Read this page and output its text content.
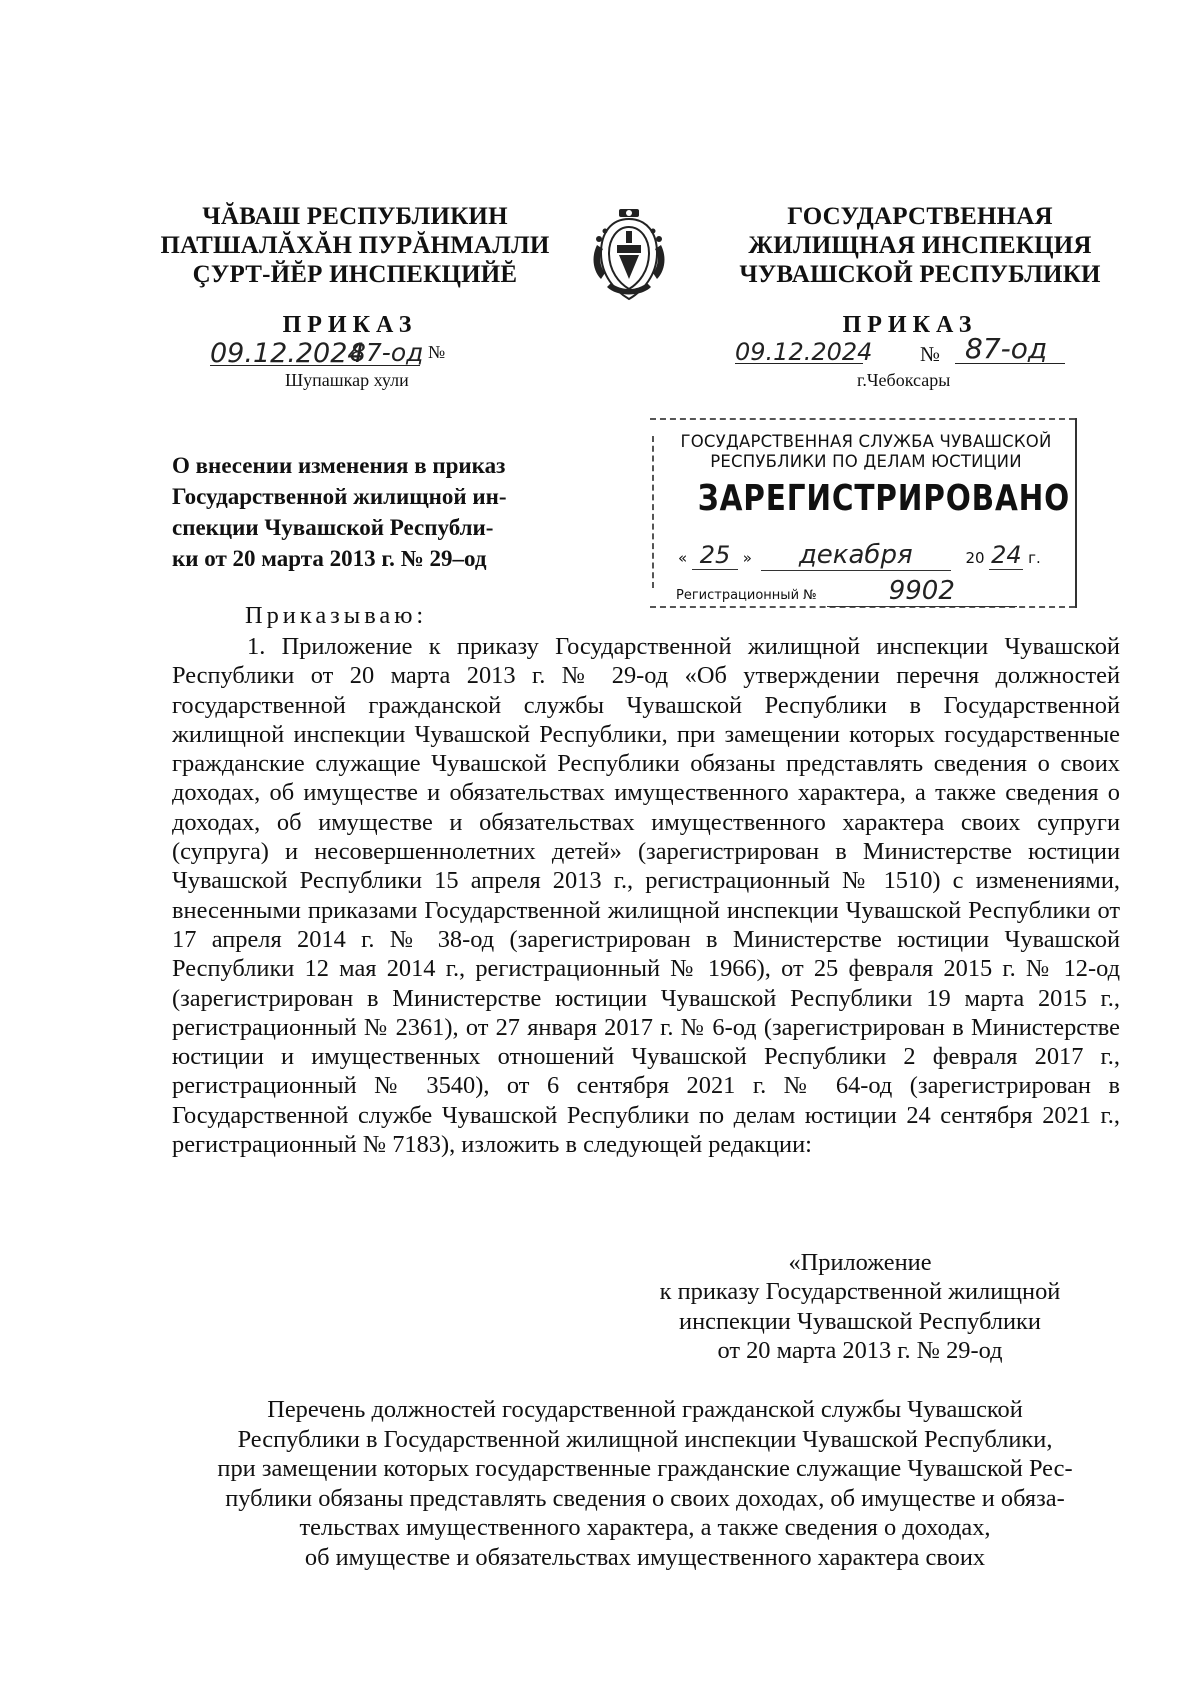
ЧĂВАШ РЕСПУБЛИКИН
ПАТШАЛĂХĂН ПУРĂНМАЛЛИ
ÇУРТ-ЙĔР ИНСПЕКЦИЙĔ
ПРИКАЗ
09.12.2024
87-од №
Шупашкар хули
ГОСУДАРСТВЕННАЯ
ЖИЛИЩНАЯ ИНСПЕКЦИЯ
ЧУВАШСКОЙ РЕСПУБЛИКИ
ПРИКАЗ
09.12.2024 № 87-од
г.Чебоксары
О внесении изменения в приказ
Государственной жилищной ин-
спекции Чувашской Республи-
ки от 20 марта 2013 г. № 29–од
ГОСУДАРСТВЕННАЯ СЛУЖБА ЧУВАШСКОЙ
РЕСПУБЛИКИ ПО ДЕЛАМ ЮСТИЦИИ
ЗАРЕГИСТРИРОВАНО
« 25 » декабря	20 24 г.
Регистрационный №	9902
Приказываю:

1. Приложение к приказу Государственной жилищной инспекции Чувашской Республики от 20 марта 2013 г. № 29-од «Об утверждении перечня должностей государственной гражданской службы Чувашской Республики в Государственной жилищной инспекции Чувашской Республики, при замещении которых государственные гражданские служащие Чувашской Республики обязаны представлять сведения о своих доходах, об имуществе и обязательствах имущественного характера, а также сведения о доходах, об имуществе и обязательствах имущественного характера своих супруги (супруга) и несовершеннолетних детей» (зарегистрирован в Министерстве юстиции Чувашской Республики 15 апреля 2013 г., регистрационный № 1510) с изменениями, внесенными приказами Государственной жилищной инспекции Чувашской Республики от 17 апреля 2014 г. № 38-од (зарегистрирован в Министерстве юстиции Чувашской Республики 12 мая 2014 г., регистрационный № 1966), от 25 февраля 2015 г. № 12-од (зарегистрирован в Министерстве юстиции Чувашской Республики 19 марта 2015 г., регистрационный № 2361), от 27 января 2017 г. № 6-од (зарегистрирован в Министерстве юстиции и имущественных отношений Чувашской Республики 2 февраля 2017 г., регистрационный № 3540), от 6 сентября 2021 г. № 64-од (зарегистрирован в Государственной службе Чувашской Республики по делам юстиции 24 сентября 2021 г., регистрационный № 7183), изложить в следующей редакции:

«Приложение
к приказу Государственной жилищной
инспекции Чувашской Республики
от 20 марта 2013 г. № 29-од
Перечень должностей государственной гражданской службы Чувашской
Республики в Государственной жилищной инспекции Чувашской Республики,
при замещении которых государственные гражданские служащие Чувашской Рес-
публики обязаны представлять сведения о своих доходах, об имуществе и обяза-
тельствах имущественного характера, а также сведения о доходах,
об имуществе и обязательствах имущественного характера своих
